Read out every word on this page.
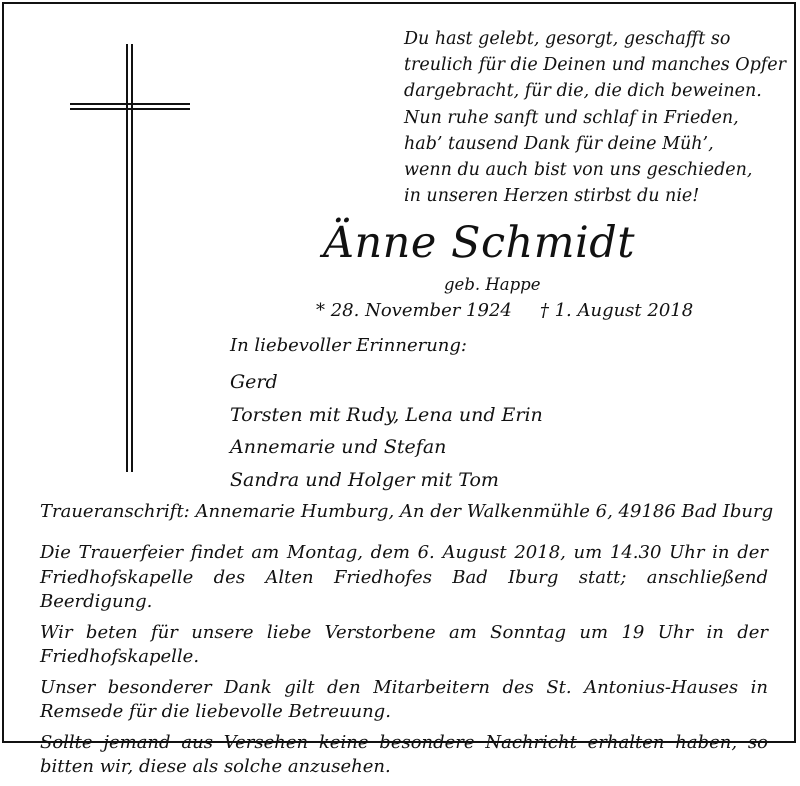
Du hast gelebt, gesorgt, geschafft so
treulich für die Deinen und manches Opfer
dargebracht, für die, die dich beweinen.
Nun ruhe sanft und schlaf in Frieden,
hab’ tausend Dank für deine Müh’,
wenn du auch bist von uns geschieden,
in unseren Herzen stirbst du nie!
Änne Schmidt
geb. Happe
* 28. November 1924 † 1. August 2018
In liebevoller Erinnerung:
Gerd
Torsten mit Rudy, Lena und Erin
Annemarie und Stefan
Sandra und Holger mit Tom
Traueranschrift: Annemarie Humburg, An der Walkenmühle 6, 49186 Bad Iburg

Die Trauerfeier findet am Montag, dem 6. August 2018, um 14.30 Uhr in der Friedhofskapelle des Alten Friedhofes Bad Iburg statt; anschließend Beerdigung.

Wir beten für unsere liebe Verstorbene am Sonntag um 19 Uhr in der Friedhofskapelle.

Unser besonderer Dank gilt den Mitarbeitern des St. Antonius-Hauses in Remsede für die liebevolle Betreuung.

Sollte jemand aus Versehen keine besondere Nachricht erhalten haben, so bitten wir, diese als solche anzusehen.
